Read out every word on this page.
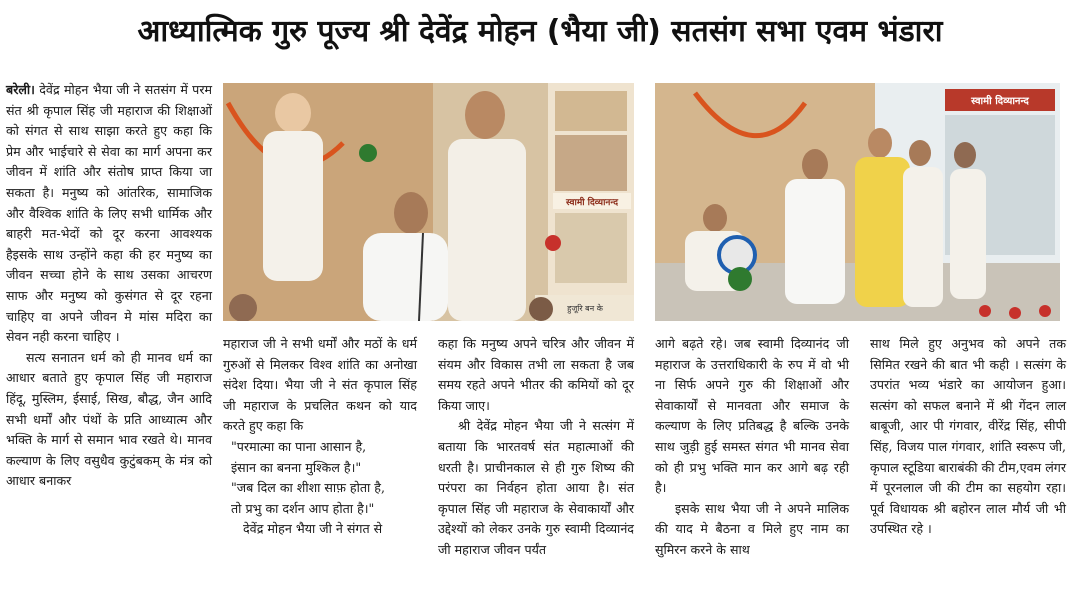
आध्यात्मिक गुरु पूज्य श्री देवेंद्र मोहन (भैया जी) सतसंग सभा एवम भंडारा

बरेली। देवेंद्र मोहन भैया जी ने सतसंग में परम संत श्री कृपाल सिंह जी महाराज की शिक्षाओं को संगत से साथ साझा करते हुए कहा कि प्रेम और भाईचारे से सेवा का मार्ग अपना कर जीवन में शांति और संतोष प्राप्त किया जा सकता है। मनुष्य को आंतरिक, सामाजिक और वैश्विक शांति के लिए सभी धार्मिक और बाहरी मत-भेदों को दूर करना आवश्यक हैइसके साथ उन्होंने कहा की हर मनुष्य का जीवन सच्चा होने के साथ उसका आचरण साफ और मनुष्य को कुसंगत से दूर रहना चाहिए वा अपने जीवन मे मांस मदिरा का सेवन नही करना चाहिए ।

सत्य सनातन धर्म को ही मानव धर्म का आधार बताते हुए कृपाल सिंह जी महाराज हिंदू, मुस्लिम, ईसाई, सिख, बौद्ध, जैन आदि सभी धर्मों और पंथों के प्रति आध्यात्म और भक्ति के मार्ग से समान भाव रखते थे। मानव कल्याण के लिए वसुधैव कुटुंबकम् के मंत्र को आधार बनाकर

स्वामी दिव्यानन्द
हुजूरि बन के
स्वामी दिव्यानन्द

महाराज जी ने सभी धर्मों और मठों के धर्म गुरुओं से मिलकर विश्व शांति का अनोखा संदेश दिया। भैया जी ने संत कृपाल सिंह जी महाराज के प्रचलित कथन को याद करते हुए कहा कि

"परमात्मा का पाना आसान है,

इंसान का बनना मुश्किल है।"

"जब दिल का शीशा साफ़ होता है,

तो प्रभु का दर्शन आप होता है।"

देवेंद्र मोहन भैया जी ने संगत से

कहा कि मनुष्य अपने चरित्र और जीवन में संयम और विकास तभी ला सकता है जब समय रहते अपने भीतर की कमियों को दूर किया जाए।

श्री देवेंद्र मोहन भैया जी ने सत्संग में बताया कि भारतवर्ष संत महात्माओं की धरती है। प्राचीनकाल से ही गुरु शिष्य की परंपरा का निर्वहन होता आया है। संत कृपाल सिंह जी महाराज के सेवाकार्यों और उद्देश्यों को लेकर उनके गुरु स्वामी दिव्यानंद जी महाराज जीवन पर्यंत

आगे बढ़ते रहे। जब स्वामी दिव्यानंद जी महाराज के उत्तराधिकारी के रुप में वो भी ना सिर्फ अपने गुरु की शिक्षाओं और सेवाकार्यों से मानवता और समाज के कल्याण के लिए प्रतिबद्ध है बल्कि उनके साथ जुड़ी हुई समस्त संगत भी मानव सेवा को ही प्रभु भक्ति मान कर आगे बढ़ रही है।

इसके साथ भैया जी ने अपने मालिक की याद मे बैठना व मिले हुए नाम का सुमिरन करने के साथ

साथ मिले हुए अनुभव को अपने तक सिमित रखने की बात भी कही । सत्संग के उपरांत भव्य भंडारे का आयोजन हुआ। सत्संग को सफल बनाने में श्री गेंदन लाल बाबूजी, आर पी गंगवार, वीरेंद्र सिंह, सीपी सिंह, विजय पाल गंगवार, शांति स्वरूप जी, कृपाल स्टूडिया बाराबंकी की टीम,एवम लंगर में पूरनलाल जी की टीम का सहयोग रहा। पूर्व विधायक श्री बहोरन लाल मौर्य जी भी उपस्थित रहे ।
